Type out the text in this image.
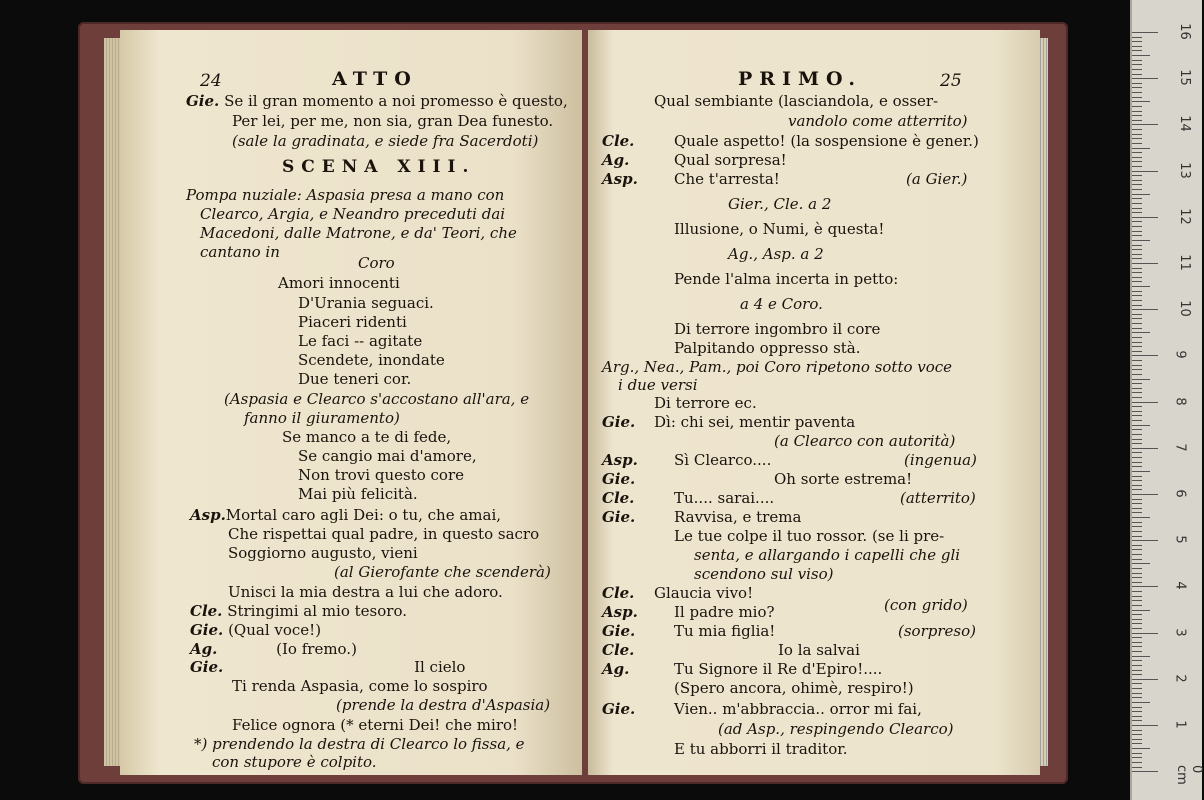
24	ATTO
Gie. Se il gran momento a noi promesso è questo,
Per lei, per me, non sia, gran Dea funesto.
(sale la gradinata, e siede fra Sacerdoti)
SCENA XIII.
Pompa nuziale: Aspasia presa a mano con
Clearco, Argia, e Neandro preceduti dai
Macedoni, dalle Matrone, e da' Teori, che
cantano in
Coro
Amori innocenti
D'Urania seguaci.
Piaceri ridenti
Le faci -- agitate
Scendete, inondate
Due teneri cor.
(Aspasia e Clearco s'accostano all'ara, e
fanno il giuramento)
Se manco a te di fede,
Se cangio mai d'amore,
Non trovi questo core
Mai più felicità.
Asp.Mortal caro agli Dei: o tu, che amai,
Che rispettai qual padre, in questo sacro
Soggiorno augusto, vieni
(al Gierofante che scenderà)
Unisci la mia destra a lui che adoro.
Cle. Stringimi al mio tesoro.
Gie. (Qual voce!)
Ag.	(Io fremo.)
Gie.	Il cielo
Ti renda Aspasia, come lo sospiro
(prende la destra d'Aspasia)
Felice ognora (* eterni Dei! che miro!
*) prendendo la destra di Clearco lo fissa, e
con stupore è colpito.
PRIMO.	25
Qual sembiante (lasciandola, e osser-
vandolo come atterrito)
Cle.	Quale aspetto! (la sospensione è gener.)
Ag.	Qual sorpresa!
Asp. Che t'arresta!	(a Gier.)
Gier., Cle. a 2
Illusione, o Numi, è questa!
Ag., Asp. a 2
Pende l'alma incerta in petto:
a 4 e Coro.
Di terrore ingombro il core
Palpitando oppresso stà.
Arg., Nea., Pam., poi Coro ripetono sotto voce
i due versi
Di terrore ec.
Gie. Dì: chi sei, mentir paventa
(a Clearco con autorità)
Asp. Sì Clearco....	(ingenua)
Gie.	Oh sorte estrema!
Cle.	Tu.... sarai....	(atterrito)
Gie.	Ravvisa, e trema
Le tue colpe il tuo rossor. (se li pre-
senta, e allargando i capelli che gli
scendono sul viso)
Cle. Glaucia vivo!
Asp. Il padre mio?	(con grido)
Gie.	Tu mia figlia!	(sorpreso)
Cle.	Io la salvai
Ag.	Tu Signore il Re d'Epiro!....
(Spero ancora, ohimè, respiro!)
Gie.	Vien.. m'abbraccia.. orror mi fai,
(ad Asp., respingendo Clearco)
E tu abborri il traditor.
16
15
14
13
12
11
10
9
8
7
6
5
4
3
2
1
0 cm
